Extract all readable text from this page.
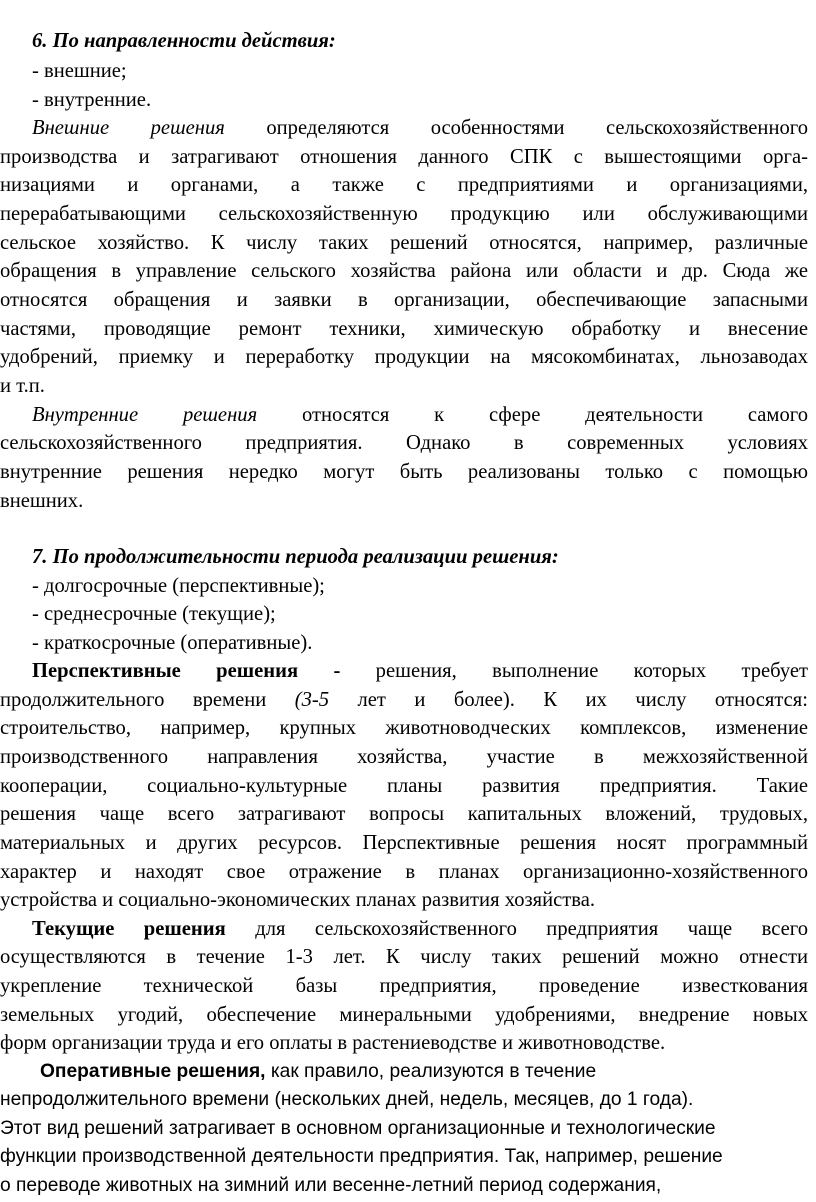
6. По направленности действия:
- внешние;
- внутренние.
Внешние решения определяются особенностями сельскохозяйственного
производства и затрагивают отношения данного СПК с вышестоящими орга-
низациями и органами, а также с предприятиями и организациями,
перерабатывающими сельскохозяйственную продукцию или обслуживающими
сельское хозяйство. К числу таких решений относятся, например, различные
обращения в управление сельского хозяйства района или области и др. Сюда же
относятся обращения и заявки в организации, обеспечивающие запасными
частями, проводящие ремонт техники, химическую обработку и внесение
удобрений, приемку и переработку продукции на мясокомбинатах, льнозаводах
и т.п.
Внутренние решения относятся к сфере деятельности самого
сельскохозяйственного предприятия. Однако в современных условиях
внутренние решения нередко могут быть реализованы только с помощью
внешних.
7. По продолжительности периода реализации решения:
- долгосрочные (перспективные);
- среднесрочные (текущие);
- краткосрочные (оперативные).
Перспективные решения - решения, выполнение которых требует
продолжительного времени (3-5 лет и более). К их числу относятся:
строительство, например, крупных животноводческих комплексов, изменение
производственного направления хозяйства, участие в межхозяйственной
кооперации, социально-культурные планы развития предприятия. Такие
решения чаще всего затрагивают вопросы капитальных вложений, трудовых,
материальных и других ресурсов. Перспективные решения носят программный
характер и находят свое отражение в планах организационно-хозяйственного
устройства и социально-экономических планах развития хозяйства.
Текущие решения для сельскохозяйственного предприятия чаще всего
осуществляются в течение 1-3 лет. К числу таких решений можно отнести
укрепление технической базы предприятия, проведение известкования
земельных угодий, обеспечение минеральными удобрениями, внедрение новых
форм организации труда и его оплаты в растениеводстве и животноводстве.
Оперативные решения, как правило, реализуются в течение
непродолжительного времени (нескольких дней, недель, месяцев, до 1 года).
Этот вид решений затрагивает в основном организационные и технологические
функции производственной деятельности предприятия. Так, например, решение
о переводе животных на зимний или весенне-летний период содержания,
